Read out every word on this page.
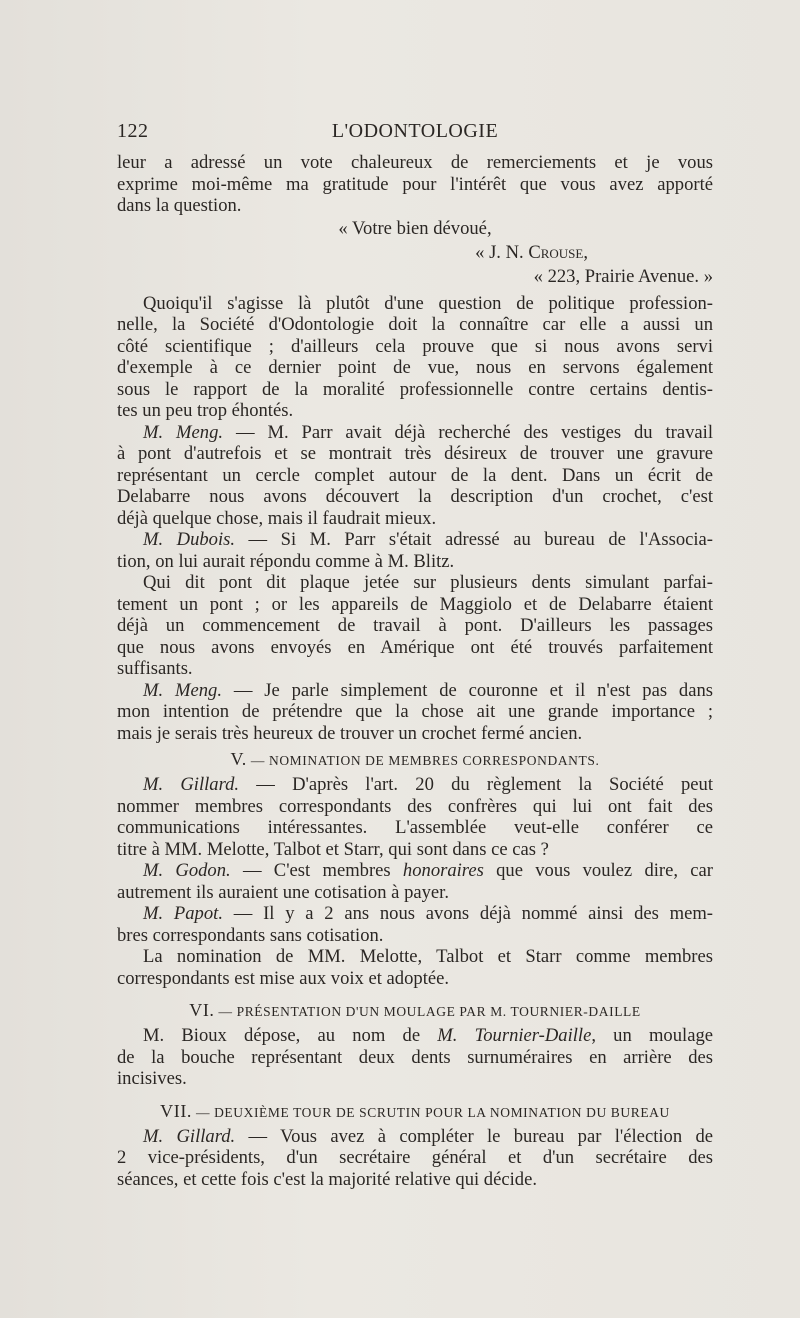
122	L'ODONTOLOGIE
leur a adressé un vote chaleureux de remerciements et je vous
exprime moi-même ma gratitude pour l'intérêt que vous avez apporté
dans la question.
« Votre bien dévoué,
« J. N. Crouse,
« 223, Prairie Avenue. »
Quoiqu'il s'agisse là plutôt d'une question de politique profession-
nelle, la Société d'Odontologie doit la connaître car elle a aussi un
côté scientifique ; d'ailleurs cela prouve que si nous avons servi
d'exemple à ce dernier point de vue, nous en servons également
sous le rapport de la moralité professionnelle contre certains dentis-
tes un peu trop éhontés.
M. Meng. — M. Parr avait déjà recherché des vestiges du travail
à pont d'autrefois et se montrait très désireux de trouver une gravure
représentant un cercle complet autour de la dent. Dans un écrit de
Delabarre nous avons découvert la description d'un crochet, c'est
déjà quelque chose, mais il faudrait mieux.
M. Dubois. — Si M. Parr s'était adressé au bureau de l'Associa-
tion, on lui aurait répondu comme à M. Blitz.
Qui dit pont dit plaque jetée sur plusieurs dents simulant parfai-
tement un pont ; or les appareils de Maggiolo et de Delabarre étaient
déjà un commencement de travail à pont. D'ailleurs les passages
que nous avons envoyés en Amérique ont été trouvés parfaitement
suffisants.
M. Meng. — Je parle simplement de couronne et il n'est pas dans
mon intention de prétendre que la chose ait une grande importance ;
mais je serais très heureux de trouver un crochet fermé ancien.
V. — NOMINATION DE MEMBRES CORRESPONDANTS.
M. Gillard. — D'après l'art. 20 du règlement la Société peut
nommer membres correspondants des confrères qui lui ont fait des
communications intéressantes. L'assemblée veut-elle conférer ce
titre à MM. Melotte, Talbot et Starr, qui sont dans ce cas ?
M. Godon. — C'est membres honoraires que vous voulez dire, car
autrement ils auraient une cotisation à payer.
M. Papot. — Il y a 2 ans nous avons déjà nommé ainsi des mem-
bres correspondants sans cotisation.
La nomination de MM. Melotte, Talbot et Starr comme membres
correspondants est mise aux voix et adoptée.
VI. — PRÉSENTATION D'UN MOULAGE PAR M. TOURNIER-DAILLE
M. Bioux dépose, au nom de M. Tournier-Daille, un moulage
de la bouche représentant deux dents surnuméraires en arrière des
incisives.
VII. — DEUXIÈME TOUR DE SCRUTIN POUR LA NOMINATION DU BUREAU
M. Gillard. — Vous avez à compléter le bureau par l'élection de
2 vice-présidents, d'un secrétaire général et d'un secrétaire des
séances, et cette fois c'est la majorité relative qui décide.
